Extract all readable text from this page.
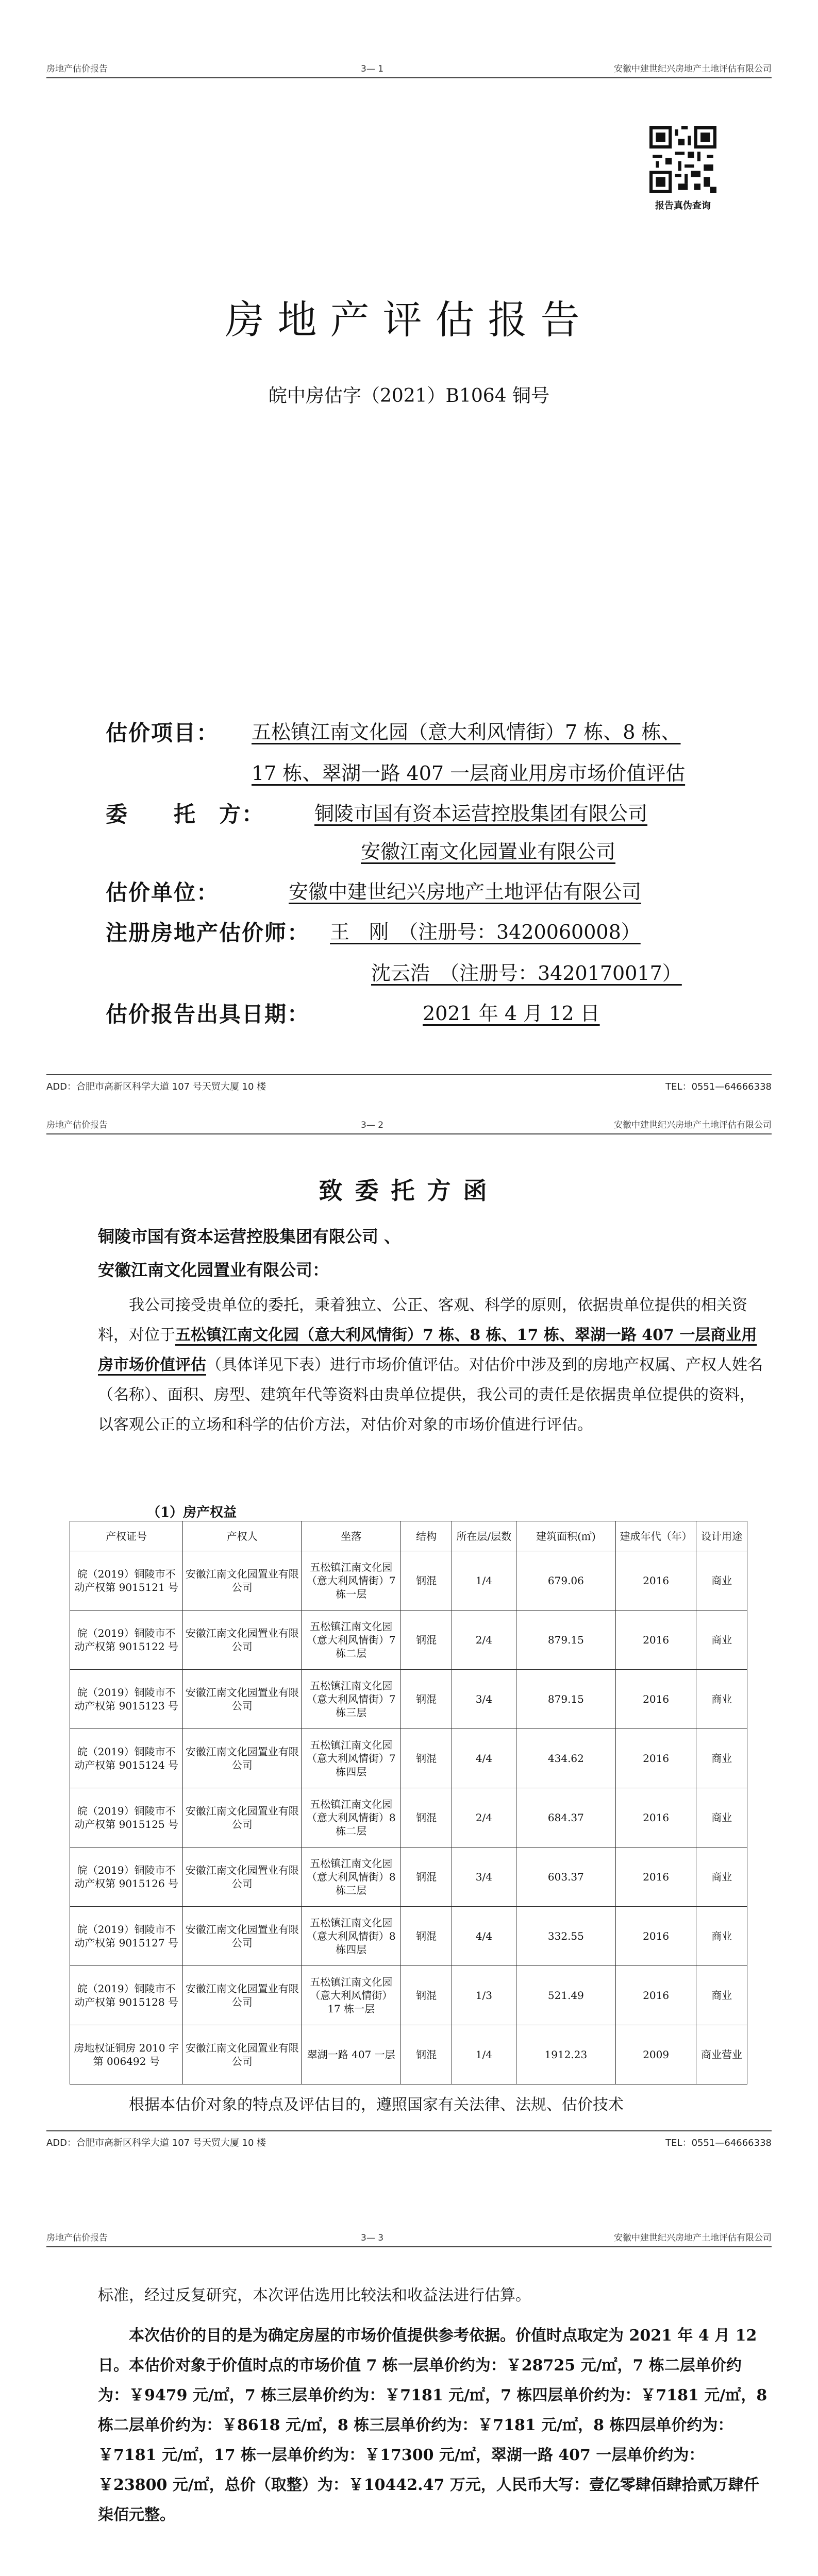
房地产估价报告	3— 1	安徽中建世纪兴房地产土地评估有限公司
报告真伪查询
房地产评估报告
皖中房估字（2021）B1064 铜号
估价项目： 五松镇江南文化园（意大利风情街）7 栋、8 栋、
17 栋、翠湖一路 407 一层商业用房市场价值评估
委　　托　方：	铜陵市国有资本运营控股集团有限公司
安徽江南文化园置业有限公司
估价单位：	安徽中建世纪兴房地产土地评估有限公司
注册房地产估价师： 王　刚　（注册号：3420060008）
沈云浩　（注册号：3420170017）
估价报告出具日期：	2021 年 4 月 12 日
ADD：合肥市高新区科学大道 107 号天贸大厦 10 楼	TEL：0551—64666338
房地产估价报告	3— 2	安徽中建世纪兴房地产土地评估有限公司
致委托方函
铜陵市国有资本运营控股集团有限公司 、
安徽江南文化园置业有限公司：
我公司接受贵单位的委托，秉着独立、公正、客观、科学的原则，依据贵单位提供的相关资料，对位于五松镇江南文化园（意大利风情街）7 栋、8 栋、17 栋、翠湖一路 407 一层商业用房市场价值评估（具体详见下表）进行市场价值评估。对估价中涉及到的房地产权属、产权人姓名（名称）、面积、房型、建筑年代等资料由贵单位提供，我公司的责任是依据贵单位提供的资料，以客观公正的立场和科学的估价方法，对估价对象的市场价值进行评估。
（1）房产权益
产权证号	产权人	坐落	结构	所在层/层数	建筑面积(㎡)	建成年代（年）	设计用途
皖（2019）铜陵市不动产权第 9015121 号	安徽江南文化园置业有限公司	五松镇江南文化园（意大利风情街）7 栋一层	钢混	1/4	679.06	2016	商业
皖（2019）铜陵市不动产权第 9015122 号	安徽江南文化园置业有限公司	五松镇江南文化园（意大利风情街）7 栋二层	钢混	2/4	879.15	2016	商业
皖（2019）铜陵市不动产权第 9015123 号	安徽江南文化园置业有限公司	五松镇江南文化园（意大利风情街）7 栋三层	钢混	3/4	879.15	2016	商业
皖（2019）铜陵市不动产权第 9015124 号	安徽江南文化园置业有限公司	五松镇江南文化园（意大利风情街）7 栋四层	钢混	4/4	434.62	2016	商业
皖（2019）铜陵市不动产权第 9015125 号	安徽江南文化园置业有限公司	五松镇江南文化园（意大利风情街）8 栋二层	钢混	2/4	684.37	2016	商业
皖（2019）铜陵市不动产权第 9015126 号	安徽江南文化园置业有限公司	五松镇江南文化园（意大利风情街）8 栋三层	钢混	3/4	603.37	2016	商业
皖（2019）铜陵市不动产权第 9015127 号	安徽江南文化园置业有限公司	五松镇江南文化园（意大利风情街）8 栋四层	钢混	4/4	332.55	2016	商业
皖（2019）铜陵市不动产权第 9015128 号	安徽江南文化园置业有限公司	五松镇江南文化园（意大利风情街）17 栋一层	钢混	1/3	521.49	2016	商业
房地权证铜房 2010 字第 006492 号	安徽江南文化园置业有限公司	翠湖一路 407 一层	钢混	1/4	1912.23	2009	商业营业
根据本估价对象的特点及评估目的，遵照国家有关法律、法规、估价技术
ADD：合肥市高新区科学大道 107 号天贸大厦 10 楼	TEL：0551—64666338
房地产估价报告	3— 3	安徽中建世纪兴房地产土地评估有限公司
标准，经过反复研究，本次评估选用比较法和收益法进行估算。
本次估价的目的是为确定房屋的市场价值提供参考依据。价值时点取定为 2021 年 4 月 12 日。本估价对象于价值时点的市场价值 7 栋一层单价约为：￥28725 元/㎡，7 栋二层单价约为：￥9479 元/㎡，7 栋三层单价约为：￥7181 元/㎡，7 栋四层单价约为：￥7181 元/㎡，8 栋二层单价约为：￥8618 元/㎡，8 栋三层单价约为：￥7181 元/㎡，8 栋四层单价约为：￥7181 元/㎡，17 栋一层单价约为：￥17300 元/㎡，翠湖一路 407 一层单价约为：￥23800 元/㎡，总价（取整）为：￥10442.47 万元，人民币大写：壹亿零肆佰肆拾贰万肆仟柒佰元整。
